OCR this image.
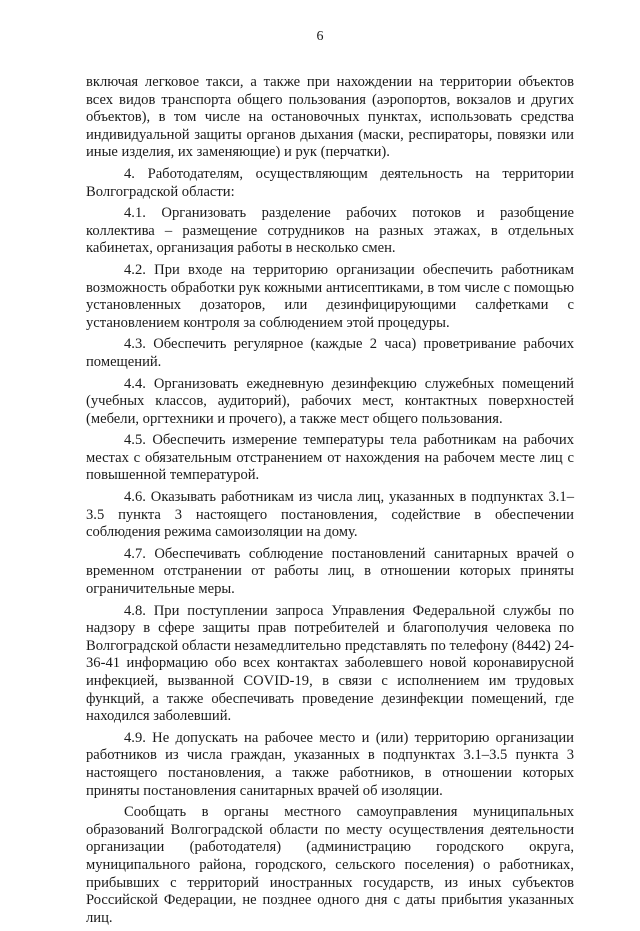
6

включая легковое такси, а также при нахождении на территории объектов всех видов транспорта общего пользования (аэропортов, вокзалов и других объектов), в том числе на остановочных пунктах, использовать средства индивидуальной защиты органов дыхания (маски, респираторы, повязки или иные изделия, их заменяющие) и рук (перчатки).

4. Работодателям, осуществляющим деятельность на территории Волгоградской области:

4.1. Организовать разделение рабочих потоков и разобщение коллектива – размещение сотрудников на разных этажах, в отдельных кабинетах, организация работы в несколько смен.

4.2. При входе на территорию организации обеспечить работникам возможность обработки рук кожными антисептиками, в том числе с помощью установленных дозаторов, или дезинфицирующими салфетками с установлением контроля за соблюдением этой процедуры.

4.3. Обеспечить регулярное (каждые 2 часа) проветривание рабочих помещений.

4.4. Организовать ежедневную дезинфекцию служебных помещений (учебных классов, аудиторий), рабочих мест, контактных поверхностей (мебели, оргтехники и прочего), а также мест общего пользования.

4.5. Обеспечить измерение температуры тела работникам на рабочих местах с обязательным отстранением от нахождения на рабочем месте лиц с повышенной температурой.

4.6. Оказывать работникам из числа лиц, указанных в подпунктах 3.1–3.5 пункта 3 настоящего постановления, содействие в обеспечении соблюдения режима самоизоляции на дому.

4.7. Обеспечивать соблюдение постановлений санитарных врачей о временном отстранении от работы лиц, в отношении которых приняты ограничительные меры.

4.8. При поступлении запроса Управления Федеральной службы по надзору в сфере защиты прав потребителей и благополучия человека по Волгоградской области незамедлительно представлять по телефону (8442) 24-36-41 информацию обо всех контактах заболевшего новой коронавирусной инфекцией, вызванной COVID-19, в связи с исполнением им трудовых функций, а также обеспечивать проведение дезинфекции помещений, где находился заболевший.

4.9. Не допускать на рабочее место и (или) территорию организации работников из числа граждан, указанных в подпунктах 3.1–3.5 пункта 3 настоящего постановления, а также работников, в отношении которых приняты постановления санитарных врачей об изоляции.

Сообщать в органы местного самоуправления муниципальных образований Волгоградской области по месту осуществления деятельности организации (работодателя) (администрацию городского округа, муниципального района, городского, сельского поселения) о работниках, прибывших с территорий иностранных государств, из иных субъектов Российской Федерации, не позднее одного дня с даты прибытия указанных лиц.
